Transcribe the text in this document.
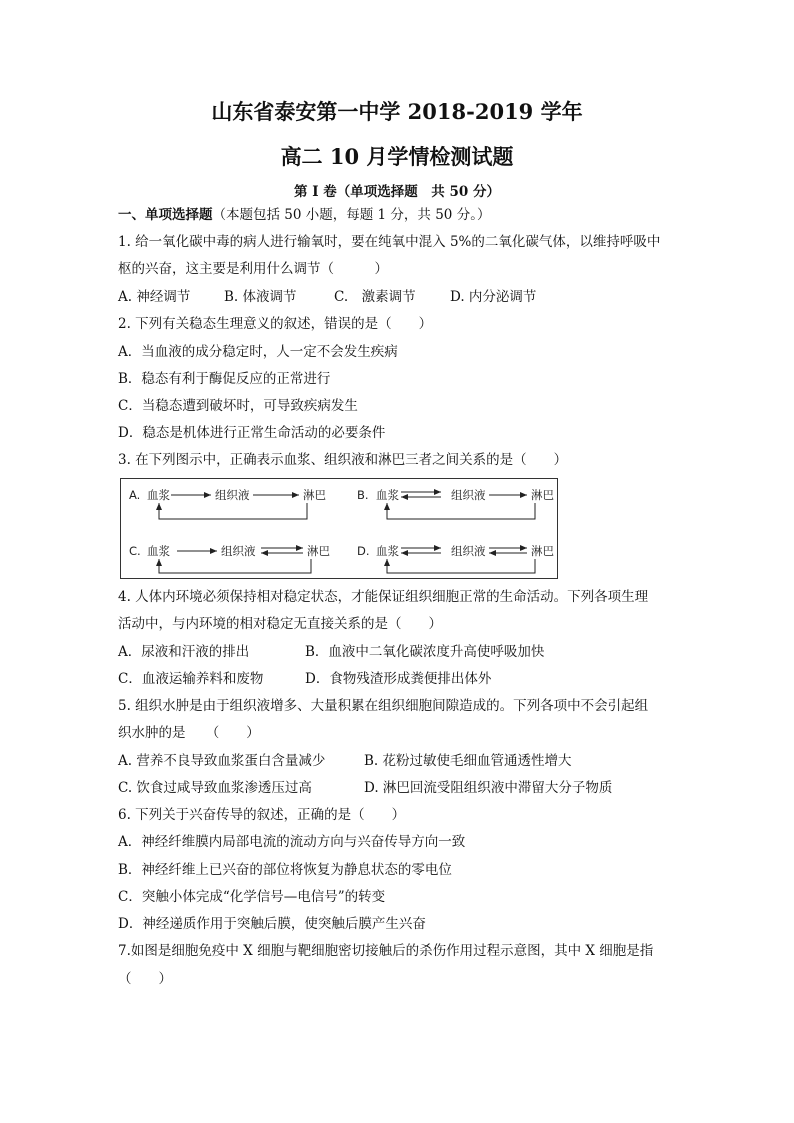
山东省泰安第一中学 2018-2019 学年
高二 10 月学情检测试题
第 I 卷（单项选择题　共 50 分）
一、单项选择题（本题包括 50 小题，每题 1 分，共 50 分。）
1. 给一氧化碳中毒的病人进行输氧时，要在纯氧中混入 5%的二氧化碳气体，以维持呼吸中
枢的兴奋，这主要是利用什么调节（　　　）
A. 神经调节 B. 体液调节	C.　激素调节	D. 内分泌调节
2. 下列有关稳态生理意义的叙述，错误的是（　　）
A．当血液的成分稳定时，人一定不会发生疾病
B．稳态有利于酶促反应的正常进行
C．当稳态遭到破坏时，可导致疾病发生
D．稳态是机体进行正常生命活动的必要条件
3. 在下列图示中，正确表示血浆、组织液和淋巴三者之间关系的是（　　）
A. 血浆	组织液	淋巴	B. 血浆	组织液	淋巴
C. 血浆	组织液	淋巴 D. 血浆	组织液	淋巴
4. 人体内环境必须保持相对稳定状态，才能保证组织细胞正常的生命活动。下列各项生理
活动中，与内环境的相对稳定无直接关系的是（　　）
A．尿液和汗液的排出	B．血液中二氧化碳浓度升高使呼吸加快
C．血液运输养料和废物	D．食物残渣形成粪便排出体外
5. 组织水肿是由于组织液增多、大量积累在组织细胞间隙造成的。下列各项中不会引起组
织水肿的是　　（　　）
A. 营养不良导致血浆蛋白含量减少	B. 花粉过敏使毛细血管通透性增大
C. 饮食过咸导致血浆渗透压过高	D. 淋巴回流受阻组织液中滞留大分子物质
6. 下列关于兴奋传导的叙述，正确的是（　　）
A．神经纤维膜内局部电流的流动方向与兴奋传导方向一致
B．神经纤维上已兴奋的部位将恢复为静息状态的零电位
C．突触小体完成“化学信号—电信号”的转变
D．神经递质作用于突触后膜，使突触后膜产生兴奋
7.如图是细胞免疫中 X 细胞与靶细胞密切接触后的杀伤作用过程示意图，其中 X 细胞是指
（　　）
